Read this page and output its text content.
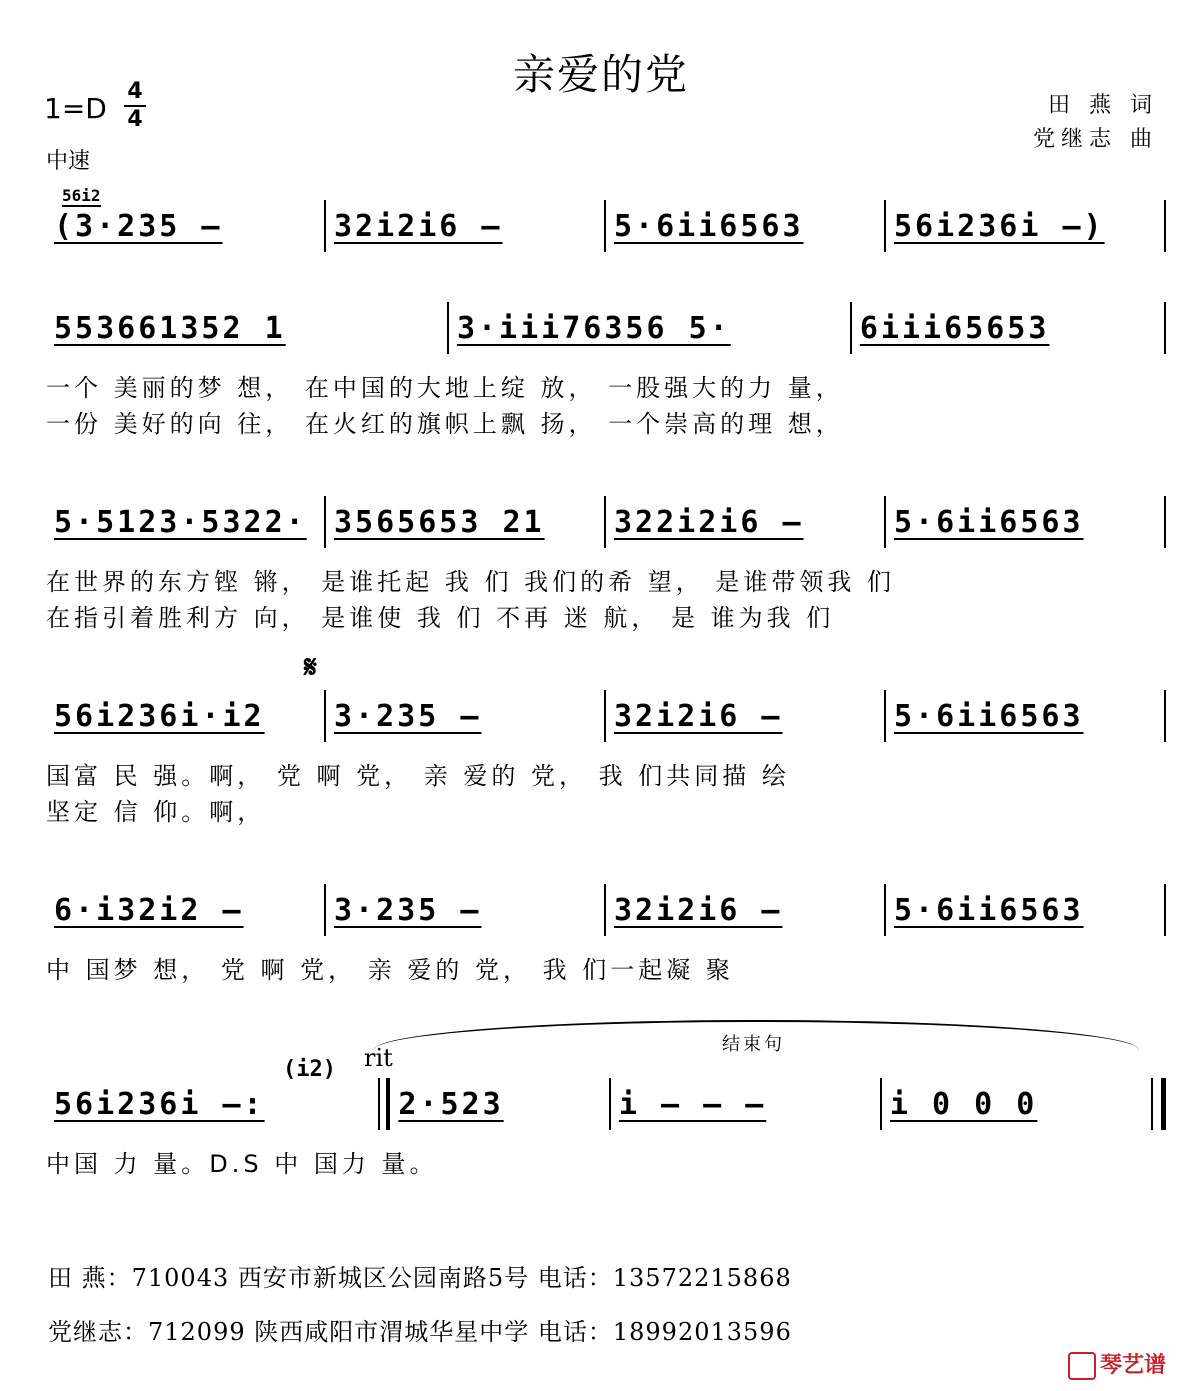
亲爱的党
1=D
4
4
中速
田 燕 词
党继志 曲
56i2
(3·235 –	32i2i6 –	5·6ii6563	56i236i –)
553661352 1	3·iii76356 5·	6iii65653
一个 美丽的梦 想， 在中国的大地上绽 放， 一股强大的力 量，
一份 美好的向 往， 在火红的旗帜上飘 扬， 一个崇高的理 想，
5·5123·5322· 3565653 21	322i2i6 –	5·6ii6563
在世界的东方铿 锵， 是谁托起 我 们 我们的希 望， 是谁带领我 们
在指引着胜利方 向， 是谁使 我 们 不再 迷 航， 是 谁为我 们
𝄋
56i236i·i2	3·235 –	32i2i6 –	5·6ii6563
国富 民 强。啊， 党 啊 党， 亲 爱的 党， 我 们共同描 绘
坚定 信 仰。啊，
6·i32i2 –	3·235 –	32i2i6 –	5·6ii6563
中 国梦 想， 党 啊 党， 亲 爱的 党， 我 们一起凝 聚
结束句
(i2) rit
56i236i –:	2·523	i – – –	i 0 0 0
中国 力 量。D.S 中 国力 量。
田 燕：710043 西安市新城区公园南路5号 电话：13572215868
党继志：712099 陕西咸阳市渭城华星中学 电话：18992013596
琴艺谱
